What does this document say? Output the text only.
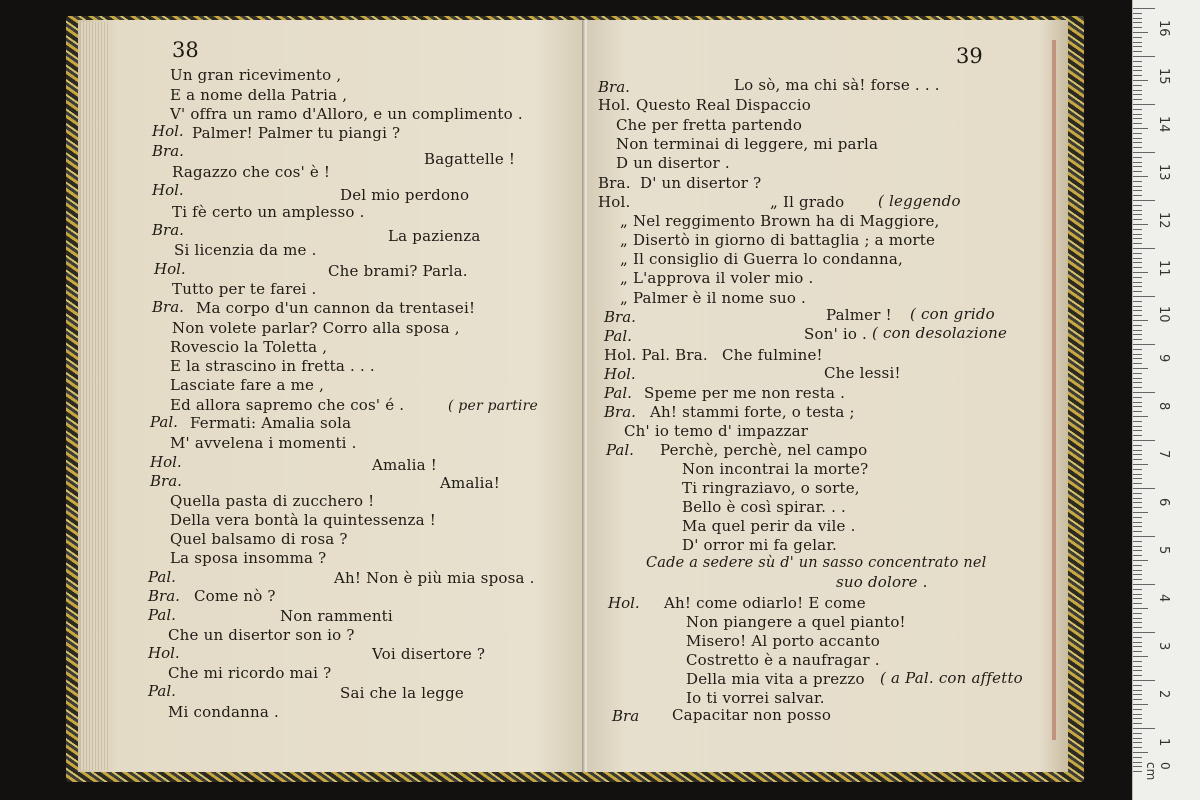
38
Hol.
Bra.
Hol.
Bra.
Hol.
Bra.
Pal.
Hol.
Bra.
Pal.
Bra.
Pal.
Hol.
Pal.
Un gran ricevimento ,
E a nome della Patria ,
V' offra un ramo d'Alloro, e un complimento .
Palmer! Palmer tu piangi ?
Bagattelle !
Ragazzo che cos' è !
Del mio perdono
Ti fè certo un amplesso .
La pazienza
Si licenzia da me .
Che brami? Parla.
Tutto per te farei .
Ma corpo d'un cannon da trentasei!
Non volete parlar? Corro alla sposa ,
Rovescio la Toletta ,
E la strascino in fretta . . .
Lasciate fare a me ,
Ed allora sapremo che cos' é .	( per partire
Fermati: Amalia sola
M' avvelena i momenti .
Amalia !
Amalia!
Quella pasta di zucchero !
Della vera bontà la quintessenza !
Quel balsamo di rosa ?
La sposa insomma ?
Ah! Non è più mia sposa .
Come nò ?
Non rammenti
Che un disertor son io ?
Voi disertore ?
Che mi ricordo mai ?
Sai che la legge
Mi condanna .
39
Bra.
Hol.
Bra.
Hol.
Bra.
Pal.
Hol. Pal. Bra.
Hol.
Pal.
Bra.
Pal.
Hol.
Bra
Lo sò, ma chi sà! forse . . .
Questo Real Dispaccio
Che per fretta partendo
Non terminai di leggere, mi parla
D un disertor .
D' un disertor ?
„ Il grado ( leggendo
„ Nel reggimento Brown ha di Maggiore,
„ Disertò in giorno di battaglia ; a morte
„ Il consiglio di Guerra lo condanna,
„ L'approva il voler mio .
„ Palmer è il nome suo .
Palmer ! ( con grido
Son' io . ( con desolazione
Che fulmine!
Che lessi!
Speme per me non resta .
Ah! stammi forte, o testa ;
Ch' io temo d' impazzar
Perchè, perchè, nel campo
Non incontrai la morte?
Ti ringraziavo, o sorte,
Bello è così spirar. . .
Ma quel perir da vile .
D' orror mi fa gelar.
Cade a sedere sù d' un sasso concentrato nel
suo dolore .
Ah! come odiarlo! E come
Non piangere a quel pianto!
Misero! Al porto accanto
Costretto è a naufragar .
Della mia vita a prezzo ( a Pal. con affetto
Io ti vorrei salvar.
Capacitar non posso
16
15
14
13
12
11
10
9
8
7
6
5
4
3
2
1
0 cm
